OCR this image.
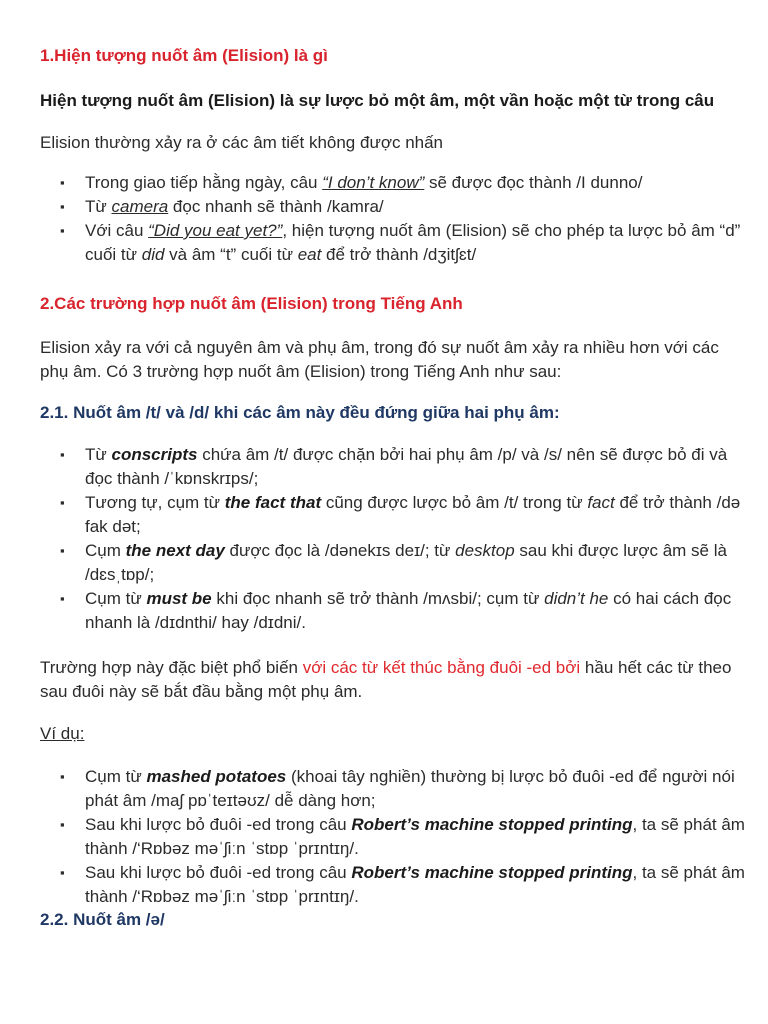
1.Hiện tượng nuốt âm (Elision) là gì
Hiện tượng nuốt âm (Elision) là sự lược bỏ một âm, một vần hoặc một từ trong câu
Elision thường xảy ra ở các âm tiết không được nhấn
▪ Trong giao tiếp hằng ngày, câu “I don’t know” sẽ được đọc thành /I dunno/
▪ Từ camera đọc nhanh sẽ thành /kamra/
▪ Với câu “Did you eat yet?”, hiện tượng nuốt âm (Elision) sẽ cho phép ta lược bỏ âm “d” cuối từ did và âm “t” cuối từ eat để trở thành /dʒitʃɛt/
2.Các trường hợp nuốt âm (Elision) trong Tiếng Anh
Elision xảy ra với cả nguyên âm và phụ âm, trong đó sự nuốt âm xảy ra nhiều hơn với các phụ âm. Có 3 trường hợp nuốt âm (Elision) trong Tiếng Anh như sau:
2.1. Nuốt âm /t/ và /d/ khi các âm này đều đứng giữa hai phụ âm:
▪ Từ conscripts chứa âm /t/ được chặn bởi hai phụ âm /p/ và /s/ nên sẽ được bỏ đi và đọc thành /ˈkɒnskrɪps/;
▪ Tương tự, cụm từ the fact that cũng được lược bỏ âm /t/ trong từ fact để trở thành /də fak dət;
▪ Cụm the next day được đọc là /dənekɪs deɪ/; từ desktop sau khi được lược âm sẽ là /dɛsˌtɒp/;
▪ Cụm từ must be khi đọc nhanh sẽ trở thành /mʌsbi/; cụm từ didn’t he có hai cách đọc nhanh là /dɪdnthi/ hay /dɪdni/.
Trường hợp này đặc biệt phổ biến với các từ kết thúc bằng đuôi -ed bởi hầu hết các từ theo sau đuôi này sẽ bắt đầu bằng một phụ âm.
Ví dụ:
▪ Cụm từ mashed potatoes (khoai tây nghiền) thường bị lược bỏ đuôi -ed để người nói phát âm /maʃ pɒˈteɪtəʊz/ dễ dàng hơn;
▪ Sau khi lược bỏ đuôi -ed trong câu Robert’s machine stopped printing, ta sẽ phát âm thành /‘Rɒbəz məˈʃiːn ˈstɒp ˈprɪntɪŋ/.
▪ Sau khi lược bỏ đuôi -ed trong câu Robert’s machine stopped printing, ta sẽ phát âm thành /‘Rɒbəz məˈʃiːn ˈstɒp ˈprɪntɪŋ/.
2.2. Nuốt âm /ə/
